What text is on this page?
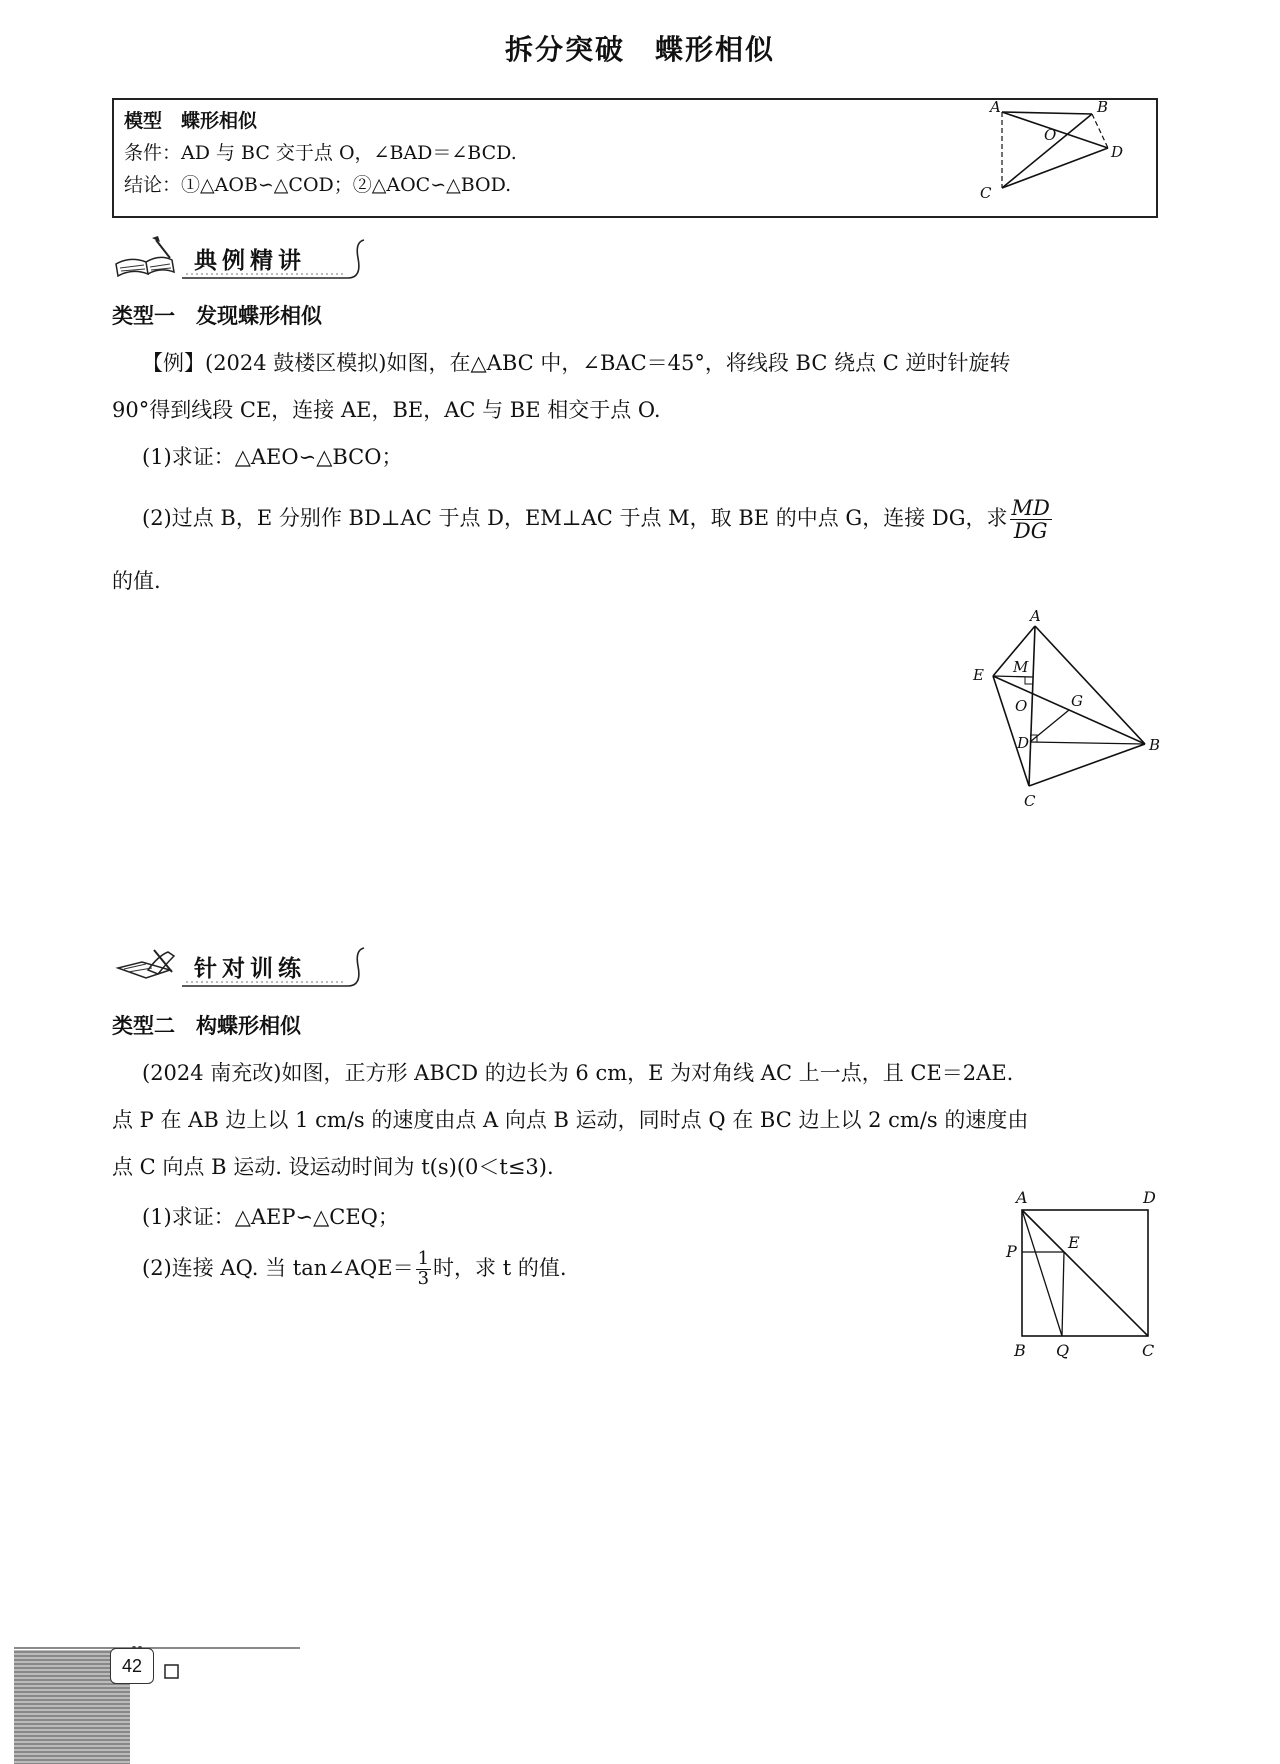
拆分突破　蝶形相似
模型　蝶形相似
条件：AD 与 BC 交于点 O，∠BAD＝∠BCD.
结论：①△AOB∽△COD；②△AOC∽△BOD.
A	B
O
D
C
典例精讲
类型一　发现蝶形相似
【例】(2024 鼓楼区模拟)如图，在△ABC 中，∠BAC＝45°，将线段 BC 绕点 C 逆时针旋转
90°得到线段 CE，连接 AE，BE，AC 与 BE 相交于点 O.
(1)求证：△AEO∽△BCO；
(2)过点 B，E 分别作 BD⊥AC 于点 D，EM⊥AC 于点 M，取 BE 的中点 G，连接 DG，求 $\frac{MD}{DG}$
的值.
A
E M
O	G
D	B
C
针对训练
类型二　构蝶形相似
(2024 南充改)如图，正方形 ABCD 的边长为 6 cm，E 为对角线 AC 上一点，且 CE＝2AE.
点 P 在 AB 边上以 1 cm/s 的速度由点 A 向点 B 运动，同时点 Q 在 BC 边上以 2 cm/s 的速度由
点 C 向点 B 运动. 设运动时间为 t(s)(0＜t≤3).
(1)求证：△AEP∽△CEQ；
(2)连接 AQ. 当 tan∠AQE＝ $\frac{1}{3}$ 时，求 t 的值.
A	D
P	E
B Q	C
42
